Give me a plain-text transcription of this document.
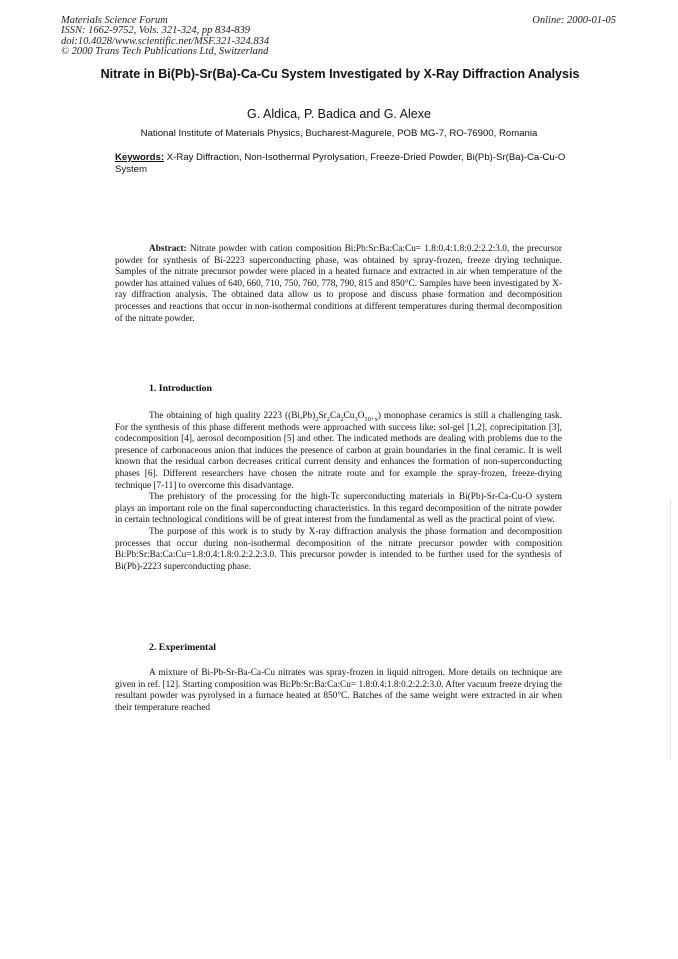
Materials Science Forum
ISSN: 1662-9752, Vols. 321-324, pp 834-839
doi:10.4028/www.scientific.net/MSF.321-324.834
© 2000 Trans Tech Publications Ltd, Switzerland
Online: 2000-01-05
Nitrate in Bi(Pb)-Sr(Ba)-Ca-Cu System Investigated by X-Ray Diffraction Analysis
G. Aldica, P. Badica and G. Alexe
National Institute of Materials Physics, Bucharest-Magurele, POB MG-7, RO-76900, Romania
Keywords: X-Ray Diffraction, Non-Isothermal Pyrolysation, Freeze-Dried Powder, Bi(Pb)-Sr(Ba)-Ca-Cu-O System

Abstract: Nitrate powder with cation composition Bi:Pb:Sr:Ba:Ca:Cu= 1.8:0.4:1.8:0.2:2.2:3.0, the precursor powder for synthesis of Bi-2223 superconducting phase, was obtained by spray-frozen, freeze drying technique. Samples of the nitrate precursor powder were placed in a heated furnace and extracted in air when temperature of the powder has attained values of 640, 660, 710, 750, 760, 778, 790, 815 and 850°C. Samples have been investigated by X-ray diffraction analysis. The obtained data allow us to propose and discuss phase formation and decomposition processes and reactions that occur in non-isothermal conditions at different temperatures during thermal decomposition of the nitrate powder.

1. Introduction

The obtaining of high quality 2223 $((Bi,Pb)_2Sr_2Ca_2Cu_3O_{10+x})$ monophase ceramics is still a challenging task. For the synthesis of this phase different methods were approached with success like: sol-gel [1,2], coprecipitation [3], codecomposition [4], aerosol decomposition [5] and other. The indicated methods are dealing with problems due to the presence of carbonaceous anion that induces the presence of carbon at grain boundaries in the final ceramic. It is well known that the residual carbon decreases critical current density and enhances the formation of non-superconducting phases [6]. Different researchers have chosen the nitrate route and for example the spray-frozen, freeze-drying technique [7-11] to overcome this disadvantage.

The prehistory of the processing for the high-Tc superconducting materials in Bi(Pb)-Sr-Ca-Cu-O system plays an important role on the final superconducting characteristics. In this regard decomposition of the nitrate powder in certain technological conditions will be of great interest from the fundamental as well as the practical point of view.

The purpose of this work is to study by X-ray diffraction analysis the phase formation and decomposition processes that occur during non-isothermal decomposition of the nitrate precursor powder with composition Bi:Pb:Sr:Ba:Ca:Cu=1.8:0.4:1.8:0.2:2.2:3.0. This precursor powder is intended to be further used for the synthesis of Bi(Pb)-2223 superconducting phase.

2. Experimental

A mixture of Bi-Pb-Sr-Ba-Ca-Cu nitrates was spray-frozen in liquid nitrogen. More details on technique are given in ref. [12]. Starting composition was Bi:Pb:Sr:Ba:Ca:Cu= 1.8:0.4:1.8:0.2:2.2:3.0. After vacuum freeze drying the resultant powder was pyrolysed in a furnace heated at 850°C. Batches of the same weight were extracted in air when their temperature reached
